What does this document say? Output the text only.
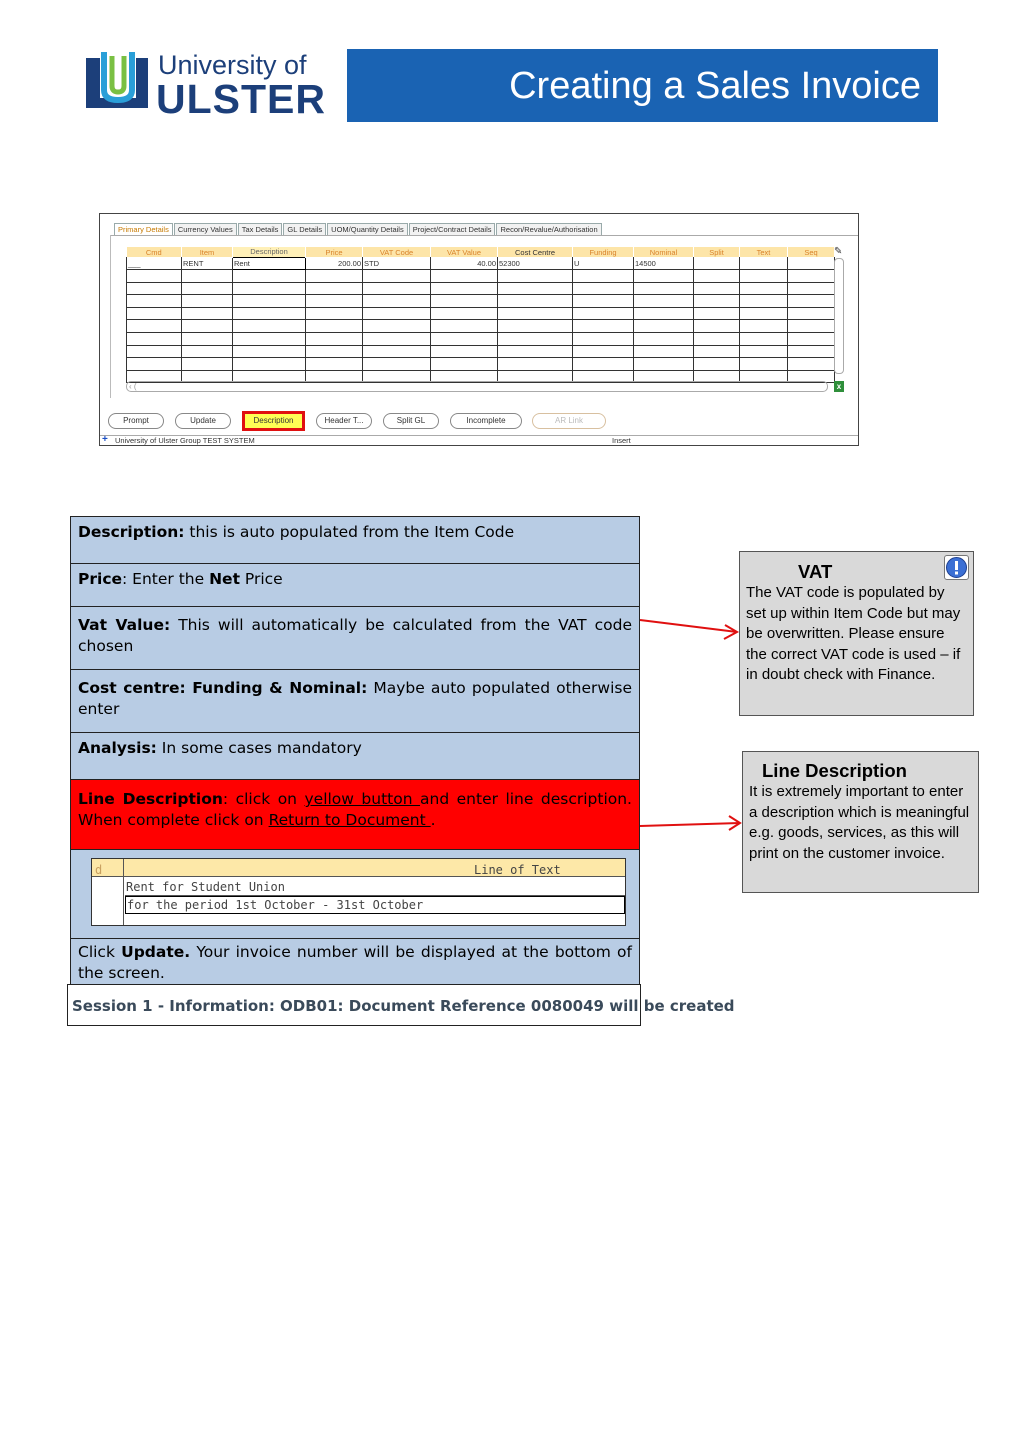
University of
ULSTER	Creating a Sales Invoice
Primary Details	Currency Values	Tax Details	GL Details	UOM/Quantity Details	Project/Contract Details	Recon/Revalue/Authorisation
Cmd	Item	Description	Price	VAT Code	VAT Value	Cost Centre	Funding	Nominal	Split	Text	Seq
___	RENT	Rent	200.00	STD	40.00	52300	U	14500			

✎
‹ (	x
Prompt	Update	Description	Header T...	Split GL	Incomplete	AR Link
+ University of Ulster Group TEST SYSTEM	Insert
Description: this is auto populated from the Item Code
Price: Enter the Net Price
Vat Value: This will automatically be calculated from the VAT code chosen
Cost centre: Funding & Nominal: Maybe auto populated otherwise enter
Analysis: In some cases mandatory
Line Description: click on yellow button and enter line description. When complete click on Return to Document .
d	Line of Text
Rent for Student Union
for the period 1st October - 31st October
Click Update. Your invoice number will be displayed at the bottom of the screen.
Session 1 - Information: ODB01: Document Reference 0080049 will be created
VAT

The VAT code is populated by set up within Item Code but may be overwritten. Please ensure the correct VAT code is used – if in doubt check with Finance.

Line Description

It is extremely important to enter a description which is meaningful e.g. goods, services, as this will print on the customer invoice.
